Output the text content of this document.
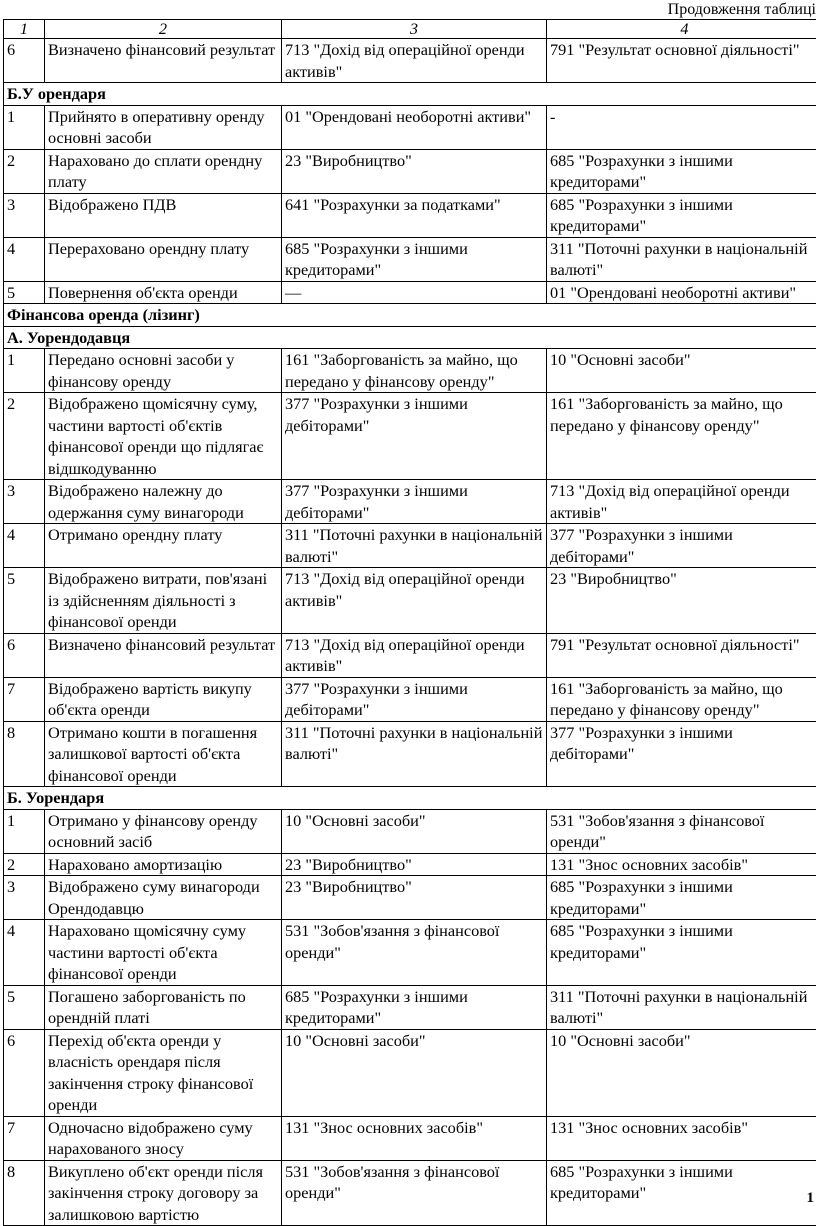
Продовження таблиці
1	2	3	4
6	Визначено фінансовий результат	713 "Дохід від операційної оренди активів"	791 "Результат основної діяльності"
Б.У орендаря			
1	Прийнято в оперативну оренду основні засоби	01 "Орендовані необоротні активи"	-
2	Нараховано до сплати орендну плату	23 "Виробництво"	685 "Розрахунки з іншими кредиторами"
3	Відображено ПДВ	641 "Розрахунки за податками"	685 "Розрахунки з іншими кредиторами"
4	Перераховано орендну плату	685 "Розрахунки з іншими кредиторами"	311 "Поточні рахунки в національній валюті"
5	Повернення об'єкта оренди	—	01 "Орендовані необоротні активи"
Фінансова оренда (лізинг)			
А. Уорендодавця			
1	Передано основні засоби у фінансову оренду	161 "Заборгованість за майно, що передано у фінансову оренду"	10 "Основні засоби"
2	Відображено щомісячну суму, частини вартості об'єктів фінансової оренди що підлягає відшкодуванню	377 "Розрахунки з іншими дебіторами"	161 "Заборгованість за майно, що передано у фінансову оренду"
3	Відображено належну до одержання суму винагороди	377 "Розрахунки з іншими дебіторами"	713 "Дохід від операційної оренди активів"
4	Отримано орендну плату	311 "Поточні рахунки в національній валюті"	377 "Розрахунки з іншими дебіторами"
5	Відображено витрати, пов'язані із здійсненням діяльності з фінансової оренди	713 "Дохід від операційної оренди активів"	23 "Виробництво"
6	Визначено фінансовий результат	713 "Дохід від операційної оренди активів"	791 "Результат основної діяльності"
7	Відображено вартість викупу об'єкта оренди	377 "Розрахунки з іншими дебіторами"	161 "Заборгованість за майно, що передано у фінансову оренду"
8	Отримано кошти в погашення залишкової вартості об'єкта фінансової оренди	311 "Поточні рахунки в національній валюті"	377 "Розрахунки з іншими дебіторами"
Б. Уорендаря			
1	Отримано у фінансову оренду основний засіб	10 "Основні засоби"	531 "Зобов'язання з фінансової оренди"
2	Нараховано амортизацію	23 "Виробництво"	131 "Знос основних засобів"
3	Відображено суму винагороди Орендодавцю	23 "Виробництво"	685 "Розрахунки з іншими кредиторами"
4	Нараховано щомісячну суму частини вартості об'єкта фінансової оренди	531 "Зобов'язання з фінансової оренди"	685 "Розрахунки з іншими кредиторами"
5	Погашено заборгованість по орендній платі	685 "Розрахунки з іншими кредиторами"	311 "Поточні рахунки в національній валюті"
6	Перехід об'єкта оренди у власність орендаря після закінчення строку фінансової оренди	10 "Основні засоби"	10 "Основні засоби"
7	Одночасно відображено суму нарахованого зносу	131 "Знос основних засобів"	131 "Знос основних засобів"
8	Викуплено об'єкт оренди після закінчення строку договору за залишковою вартістю	531 "Зобов'язання з фінансової оренди"	685 "Розрахунки з іншими кредиторами"	1
